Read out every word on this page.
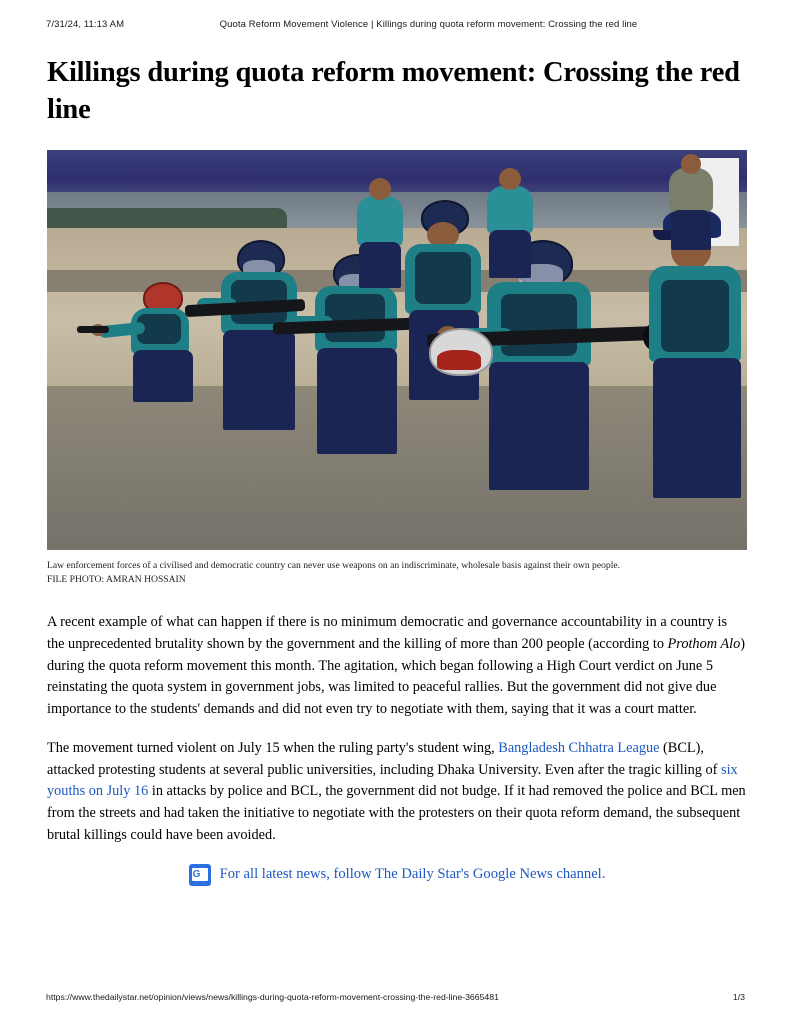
7/31/24, 11:13 AM	Quota Reform Movement Violence | Killings during quota reform movement: Crossing the red line
Killings during quota reform movement: Crossing the red line
Law enforcement forces of a civilised and democratic country can never use weapons on an indiscriminate, wholesale basis against their own people.
FILE PHOTO: AMRAN HOSSAIN

A recent example of what can happen if there is no minimum democratic and governance accountability in a country is the unprecedented brutality shown by the government and the killing of more than 200 people (according to Prothom Alo) during the quota reform movement this month. The agitation, which began following a High Court verdict on June 5 reinstating the quota system in government jobs, was limited to peaceful rallies. But the government did not give due importance to the students' demands and did not even try to negotiate with them, saying that it was a court matter.

The movement turned violent on July 15 when the ruling party's student wing, Bangladesh Chhatra League (BCL), attacked protesting students at several public universities, including Dhaka University. Even after the tragic killing of six youths on July 16 in attacks by police and BCL, the government did not budge. If it had removed the police and BCL men from the streets and had taken the initiative to negotiate with the protesters on their quota reform demand, the subsequent brutal killings could have been avoided.

G
For all latest news, follow The Daily Star's Google News channel.
https://www.thedailystar.net/opinion/views/news/killings-during-quota-reform-movement-crossing-the-red-line-3665481	1/3
